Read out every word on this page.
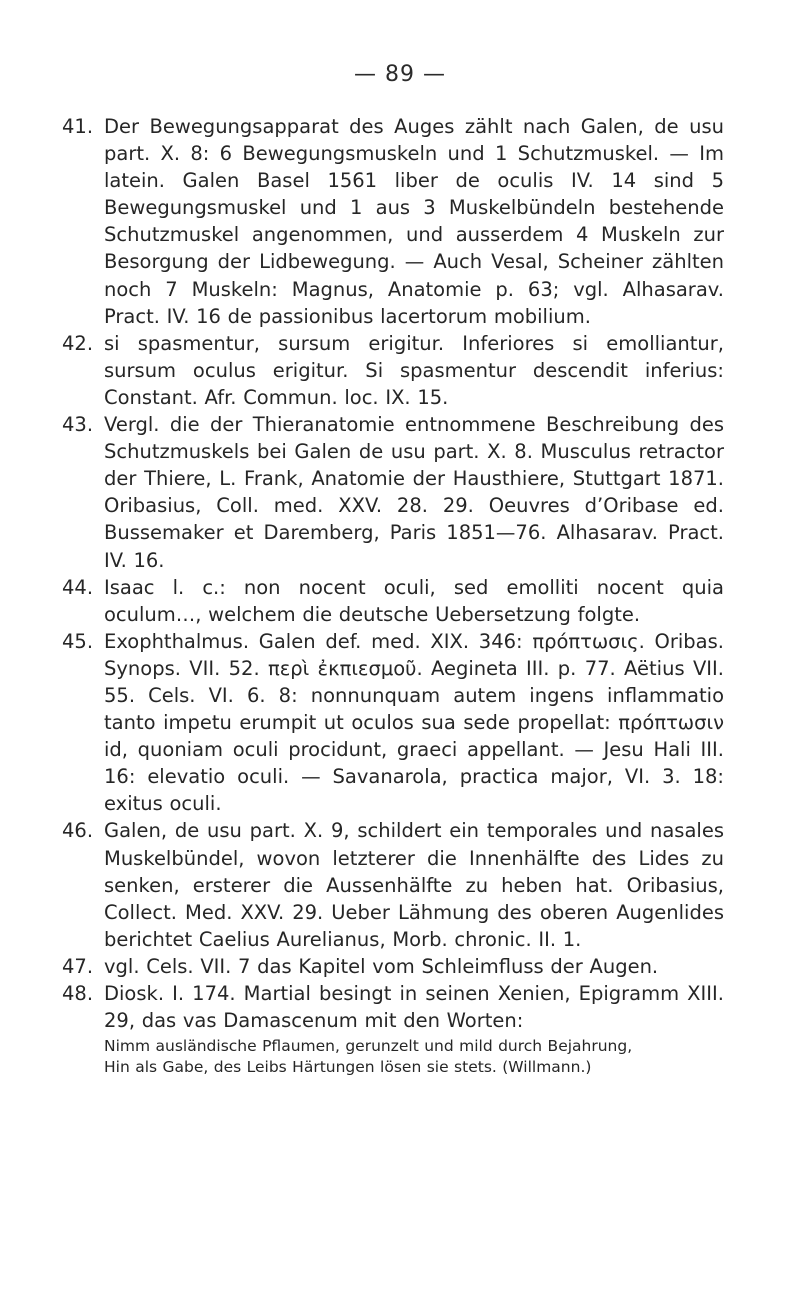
— 89 —
41. Der Bewegungsapparat des Auges zählt nach Galen, de usu part. X. 8: 6 Bewegungsmuskeln und 1 Schutzmuskel. — Im latein. Galen Basel 1561 liber de oculis IV. 14 sind 5 Bewegungsmuskel und 1 aus 3 Muskelbündeln bestehende Schutzmuskel angenommen, und ausserdem 4 Muskeln zur Besorgung der Lidbewegung. — Auch Vesal, Scheiner zählten noch 7 Muskeln: Magnus, Anatomie p. 63; vgl. Alhasarav. Pract. IV. 16 de passionibus lacertorum mobilium.
42. si spasmentur, sursum erigitur. Inferiores si emolliantur, sursum oculus erigitur. Si spasmentur descendit inferius: Constant. Afr. Commun. loc. IX. 15.
43. Vergl. die der Thieranatomie entnommene Beschreibung des Schutzmuskels bei Galen de usu part. X. 8. Musculus retractor der Thiere, L. Frank, Anatomie der Hausthiere, Stuttgart 1871. Oribasius, Coll. med. XXV. 28. 29. Oeuvres d’Oribase ed. Bussemaker et Daremberg, Paris 1851—76. Alhasarav. Pract. IV. 16.
44. Isaac l. c.: non nocent oculi, sed emolliti nocent quia oculum…, welchem die deutsche Uebersetzung folgte.
45. Exophthalmus. Galen def. med. XIX. 346: πρόπτωσις. Oribas. Synops. VII. 52. περὶ ἐκπιεσμοῦ. Aegineta III. p. 77. Aëtius VII. 55. Cels. VI. 6. 8: nonnunquam autem ingens inflammatio tanto impetu erumpit ut oculos sua sede propellat: πρόπτωσιν id, quoniam oculi procidunt, graeci appellant. — Jesu Hali III. 16: elevatio oculi. — Savanarola, practica major, VI. 3. 18: exitus oculi.
46. Galen, de usu part. X. 9, schildert ein temporales und nasales Muskelbündel, wovon letzterer die Innenhälfte des Lides zu senken, ersterer die Aussenhälfte zu heben hat. Oribasius, Collect. Med. XXV. 29. Ueber Lähmung des oberen Augenlides berichtet Caelius Aurelianus, Morb. chronic. II. 1.
47. vgl. Cels. VII. 7 das Kapitel vom Schleimfluss der Augen.
48. Diosk. I. 174. Martial besingt in seinen Xenien, Epigramm XIII. 29, das vas Damascenum mit den Worten:
Nimm ausländische Pflaumen, gerunzelt und mild durch Bejahrung,
Hin als Gabe, des Leibs Härtungen lösen sie stets. (Willmann.)
